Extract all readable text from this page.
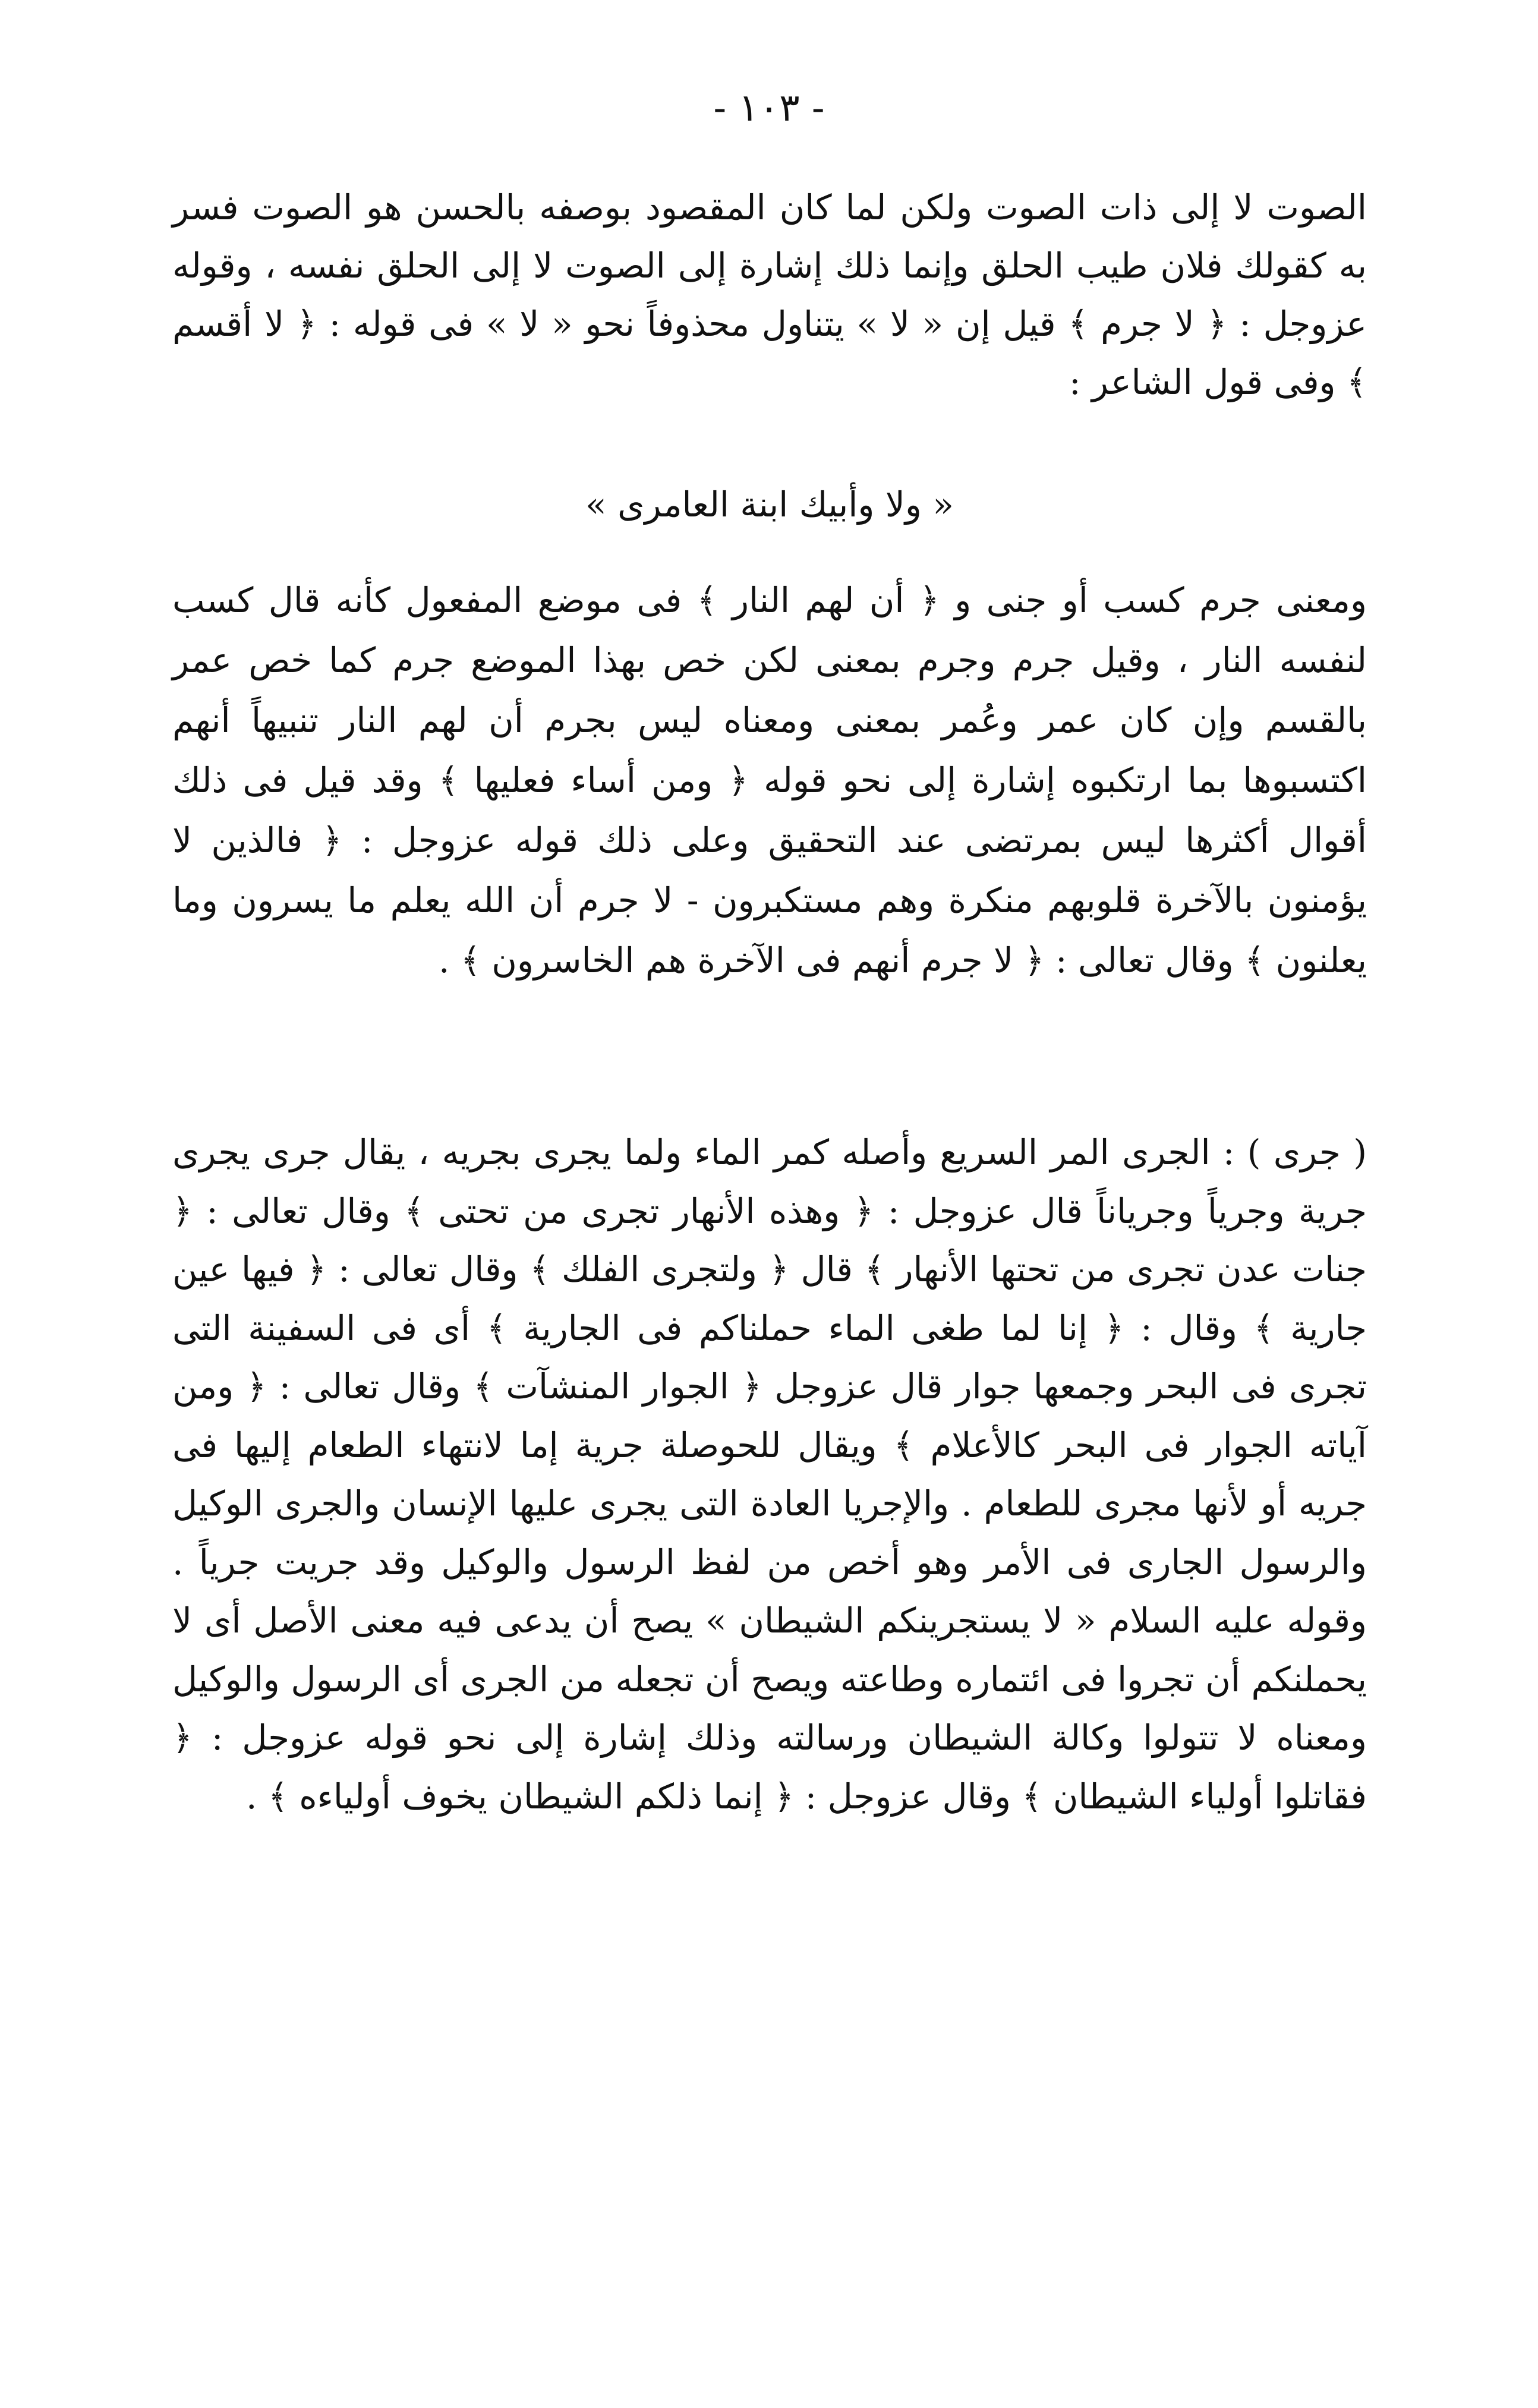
- ١٠٣ -
الصوت لا إلى ذات الصوت ولكن لما كان المقصود بوصفه بالحسن هو الصوت فسر به كقولك فلان طيب الحلق وإنما ذلك إشارة إلى الصوت لا إلى الحلق نفسه ، وقوله عزوجل : ﴿ لا جرم ﴾ قيل إن « لا » يتناول محذوفاً نحو « لا » فى قوله : ﴿ لا أقسم ﴾ وفى قول الشاعر :
« ولا وأبيك ابنة العامرى »
ومعنى جرم كسب أو جنى و ﴿ أن لهم النار ﴾ فى موضع المفعول كأنه قال كسب لنفسه النار ، وقيل جرم وجرم بمعنى لكن خص بهذا الموضع جرم كما خص عمر بالقسم وإن كان عمر وعُمر بمعنى ومعناه ليس بجرم أن لهم النار تنبيهاً أنهم اكتسبوها بما ارتكبوه إشارة إلى نحو قوله ﴿ ومن أساء فعليها ﴾ وقد قيل فى ذلك أقوال أكثرها ليس بمرتضى عند التحقيق وعلى ذلك قوله عزوجل : ﴿ فالذين لا يؤمنون بالآخرة قلوبهم منكرة وهم مستكبرون - لا جرم أن الله يعلم ما يسرون وما يعلنون ﴾ وقال تعالى : ﴿ لا جرم أنهم فى الآخرة هم الخاسرون ﴾ .
( جرى ) : الجرى المر السريع وأصله كمر الماء ولما يجرى بجريه ، يقال جرى يجرى جرية وجرياً وجرياناً قال عزوجل : ﴿ وهذه الأنهار تجرى من تحتى ﴾ وقال تعالى : ﴿ جنات عدن تجرى من تحتها الأنهار ﴾ قال ﴿ ولتجرى الفلك ﴾ وقال تعالى : ﴿ فيها عين جارية ﴾ وقال : ﴿ إنا لما طغى الماء حملناكم فى الجارية ﴾ أى فى السفينة التى تجرى فى البحر وجمعها جوار قال عزوجل ﴿ الجوار المنشآت ﴾ وقال تعالى : ﴿ ومن آياته الجوار فى البحر كالأعلام ﴾ ويقال للحوصلة جرية إما لانتهاء الطعام إليها فى جريه أو لأنها مجرى للطعام . والإجريا العادة التى يجرى عليها الإنسان والجرى الوكيل والرسول الجارى فى الأمر وهو أخص من لفظ الرسول والوكيل وقد جريت جرياً . وقوله عليه السلام « لا يستجرينكم الشيطان » يصح أن يدعى فيه معنى الأصل أى لا يحملنكم أن تجروا فى ائتماره وطاعته ويصح أن تجعله من الجرى أى الرسول والوكيل ومعناه لا تتولوا وكالة الشيطان ورسالته وذلك إشارة إلى نحو قوله عزوجل : ﴿ فقاتلوا أولياء الشيطان ﴾ وقال عزوجل : ﴿ إنما ذلكم الشيطان يخوف أولياءه ﴾ .
